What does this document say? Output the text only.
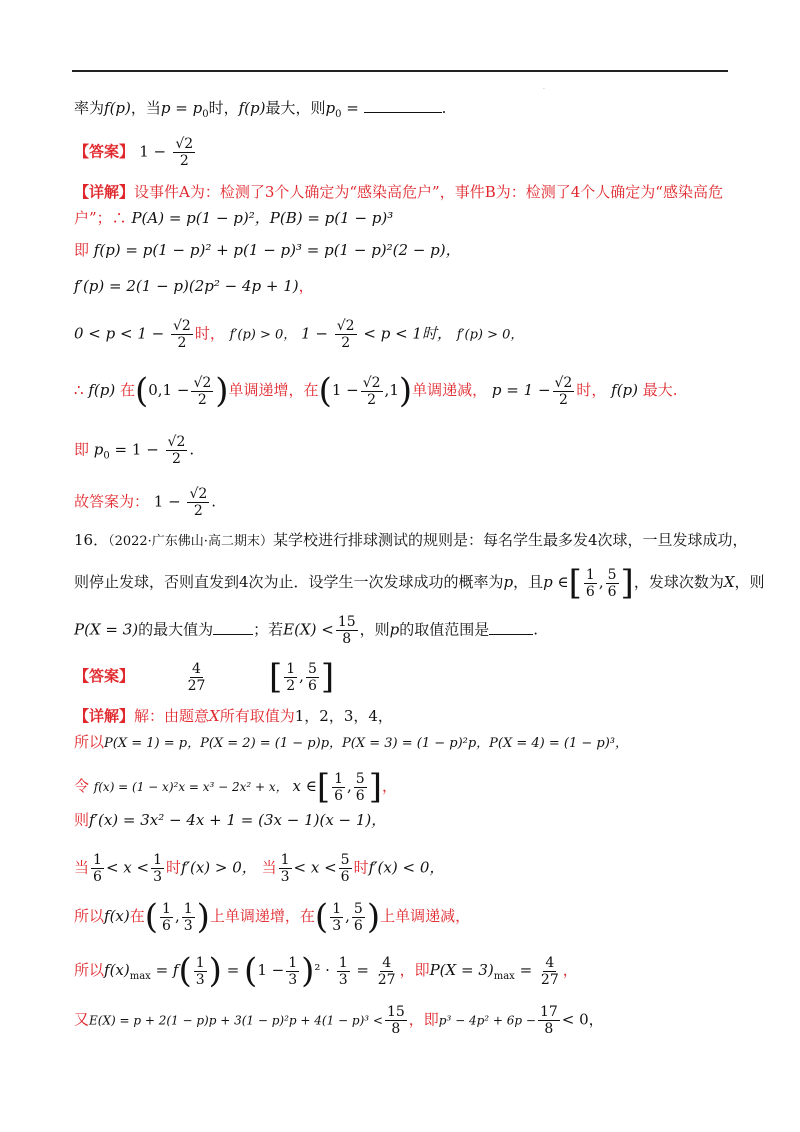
·
率为f(p)，当$p = p_0$时，f(p)最大，则$p_0$ =	.
【答案】 $1 - \frac{√2}{2}$
【详解】设事件A为：检测了3个人确定为“感染高危户”，事件B为：检测了4个人确定为“感染高危
户”；∴ P(A) = p(1 − p)²，P(B) = p(1 − p)³
即 f(p) = p(1 − p)² + p(1 − p)³ = p(1 − p)²(2 − p)，
f′(p) = 2(1 − p)(2p² − 4p + 1)，
$0 < p < 1 - \frac{√2}{2}$ 时， f′(p) > 0， $1 - \frac{√2}{2} < p < 1$时， f′(p) > 0，
∴ f(p) 在($0,1 - \frac{√2}{2}$ )单调递增，在$(1 - \frac{√2}{2} ,1)$单调递减， $p = 1 - \frac{√2}{2}$ 时， f(p) 最大.
即 $p_0 = 1 - \frac{√2}{2}$ .
故答案为： $1 - \frac{√2}{2}$ .
16．（2022·广东佛山·高二期末）某学校进行排球测试的规则是：每名学生最多发4次球，一旦发球成功，
则停止发球，否则直发到4次为止．设学生一次发球成功的概率为p，且p ∈[ $\frac{1}{6}$ , $\frac{5}{6}$ ]，发球次数为X，则
P(X = 3)的最大值为	；若$E(X) < \frac{15}{8}$ ，则p的取值范围是	.
【答案】	$\frac{4}{27}$ [ $\frac{1}{2}$ , $\frac{5}{6}$ ]
【详解】解：由题意X所有取值为1，2，3，4，
所以P(X = 1) = p，P(X = 2) = (1 − p)p，P(X = 3) = (1 − p)²p，P(X = 4) = (1 − p)³，
令 f(x) = (1 − x)²x = x³ − 2x² + x， x ∈[ $\frac{1}{6}$ , $\frac{5}{6}$ ]，
则f′(x) = 3x² − 4x + 1 = (3x − 1)(x − 1)，
当 $\frac{1}{6} < x < \frac{1}{3}$ 时f′(x) > 0， 当 $\frac{1}{3} < x < \frac{5}{6}$ 时f′(x) < 0，
所以f(x)在( $\frac{1}{6}$ , $\frac{1}{3}$ )上单调递增，在( $\frac{1}{3}$ , $\frac{5}{6}$ )上单调递减，
所以$f(x)_{max} = f( \frac{1}{3}$ ) = $(1 - \frac{1}{3} )^2 \cdot \frac{1}{3} = \frac{4}{27}$ ，即$P(X = 3)_{max} = \frac{4}{27}$ ，
又$E(X) = p + 2(1 - p)p + 3(1 - p)^2p + 4(1 - p)^3 < \frac{15}{8}$ ，即$p^3 - 4p^2 + 6p - \frac{17}{8} < 0$，
